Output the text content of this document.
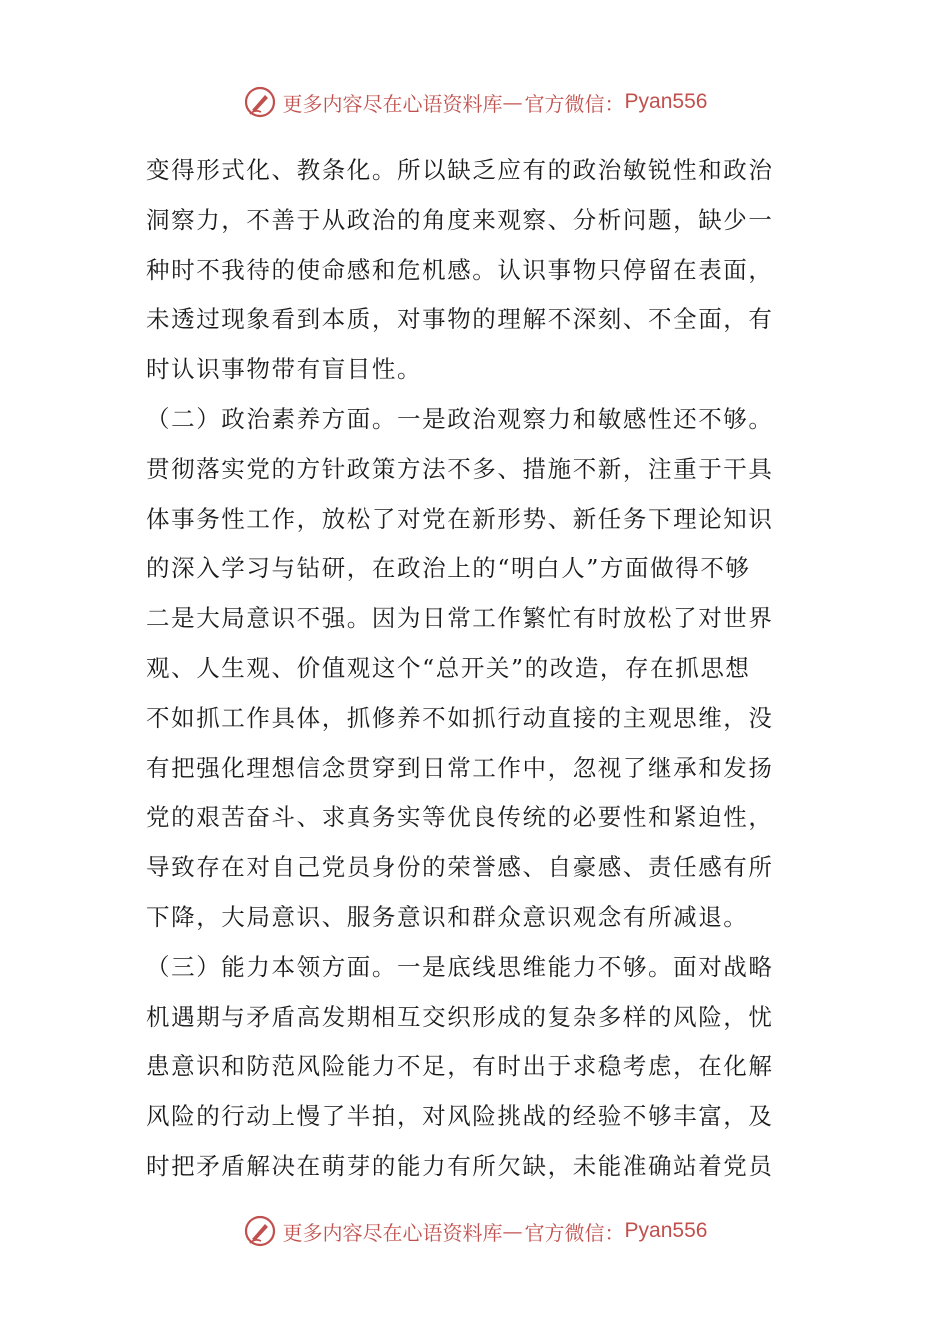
更多内容尽在心语资料库 — 官方微信： Pyan556
变得形式化、教条化。所以缺乏应有的政治敏锐性和政治
洞察力，不善于从政治的角度来观察、分析问题，缺少一
种时不我待的使命感和危机感。认识事物只停留在表面，
未透过现象看到本质，对事物的理解不深刻、不全面，有
时认识事物带有盲目性。
（二）政治素养方面。一是政治观察力和敏感性还不够。
贯彻落实党的方针政策方法不多、措施不新，注重于干具
体事务性工作，放松了对党在新形势、新任务下理论知识
的深入学习与钻研，在政治上的“明白人”方面做得不够
二是大局意识不强。因为日常工作繁忙有时放松了对世界
观、人生观、价值观这个“总开关”的改造，存在抓思想
不如抓工作具体，抓修养不如抓行动直接的主观思维，没
有把强化理想信念贯穿到日常工作中，忽视了继承和发扬
党的艰苦奋斗、求真务实等优良传统的必要性和紧迫性，
导致存在对自己党员身份的荣誉感、自豪感、责任感有所
下降，大局意识、服务意识和群众意识观念有所减退。
（三）能力本领方面。一是底线思维能力不够。面对战略
机遇期与矛盾高发期相互交织形成的复杂多样的风险，忧
患意识和防范风险能力不足，有时出于求稳考虑，在化解
风险的行动上慢了半拍，对风险挑战的经验不够丰富，及
时把矛盾解决在萌芽的能力有所欠缺，未能准确站着党员
更多内容尽在心语资料库 — 官方微信： Pyan556
